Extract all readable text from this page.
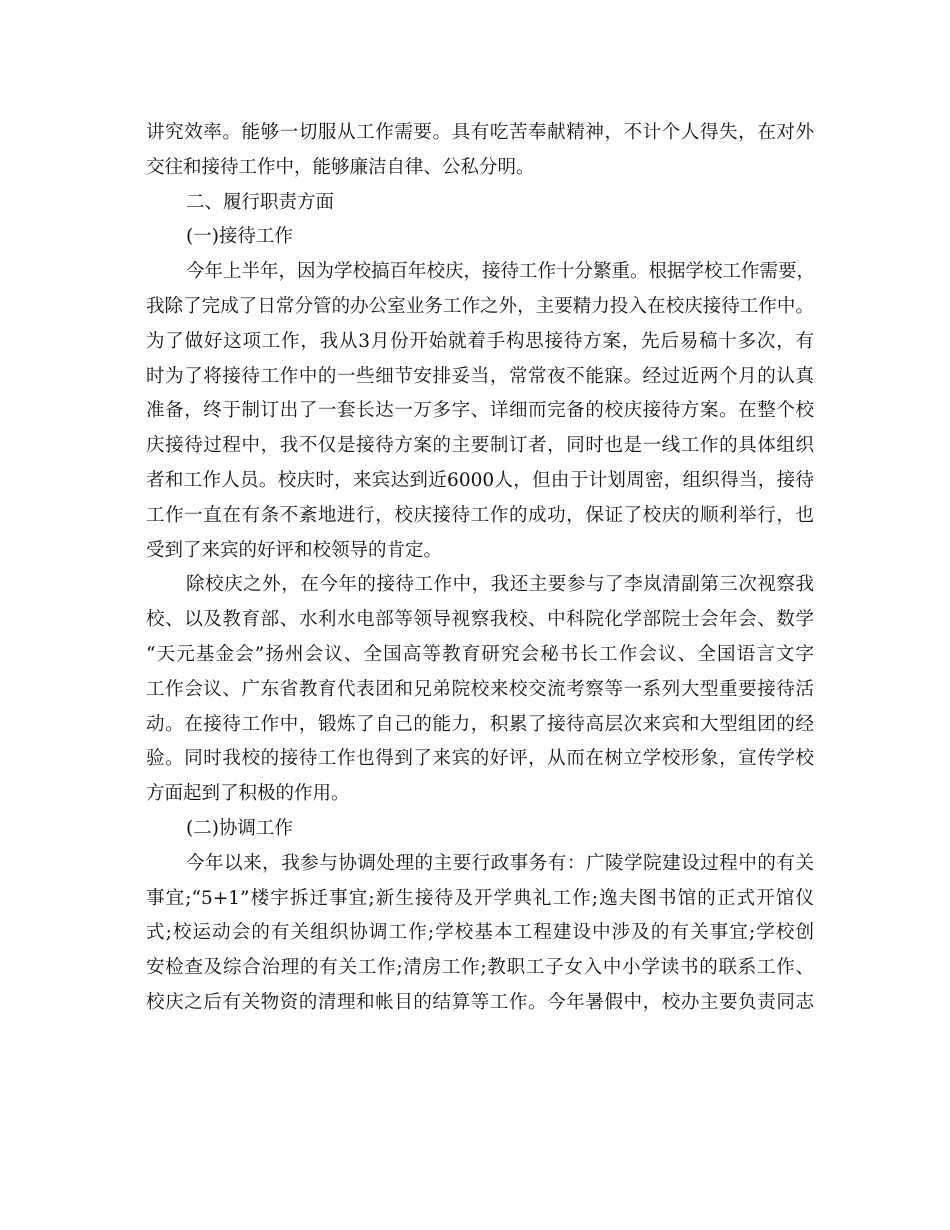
讲究效率。能够一切服从工作需要。具有吃苦奉献精神，不计个人得失，在对外
交往和接待工作中，能够廉洁自律、公私分明。
二、履行职责方面
(一)接待工作
今年上半年，因为学校搞百年校庆，接待工作十分繁重。根据学校工作需要，
我除了完成了日常分管的办公室业务工作之外，主要精力投入在校庆接待工作中。
为了做好这项工作，我从3月份开始就着手构思接待方案，先后易稿十多次，有
时为了将接待工作中的一些细节安排妥当，常常夜不能寐。经过近两个月的认真
准备，终于制订出了一套长达一万多字、详细而完备的校庆接待方案。在整个校
庆接待过程中，我不仅是接待方案的主要制订者，同时也是一线工作的具体组织
者和工作人员。校庆时，来宾达到近6000人，但由于计划周密，组织得当，接待
工作一直在有条不紊地进行，校庆接待工作的成功，保证了校庆的顺利举行，也
受到了来宾的好评和校领导的肯定。
除校庆之外，在今年的接待工作中，我还主要参与了李岚清副第三次视察我
校、以及教育部、水利水电部等领导视察我校、中科院化学部院士会年会、数学
“天元基金会”扬州会议、全国高等教育研究会秘书长工作会议、全国语言文字
工作会议、广东省教育代表团和兄弟院校来校交流考察等一系列大型重要接待活
动。在接待工作中，锻炼了自己的能力，积累了接待高层次来宾和大型组团的经
验。同时我校的接待工作也得到了来宾的好评，从而在树立学校形象，宣传学校
方面起到了积极的作用。
(二)协调工作
今年以来，我参与协调处理的主要行政事务有：广陵学院建设过程中的有关
事宜;“5+1”楼宇拆迁事宜;新生接待及开学典礼工作;逸夫图书馆的正式开馆仪
式;校运动会的有关组织协调工作;学校基本工程建设中涉及的有关事宜;学校创
安检查及综合治理的有关工作;清房工作;教职工子女入中小学读书的联系工作、
校庆之后有关物资的清理和帐目的结算等工作。今年暑假中，校办主要负责同志
